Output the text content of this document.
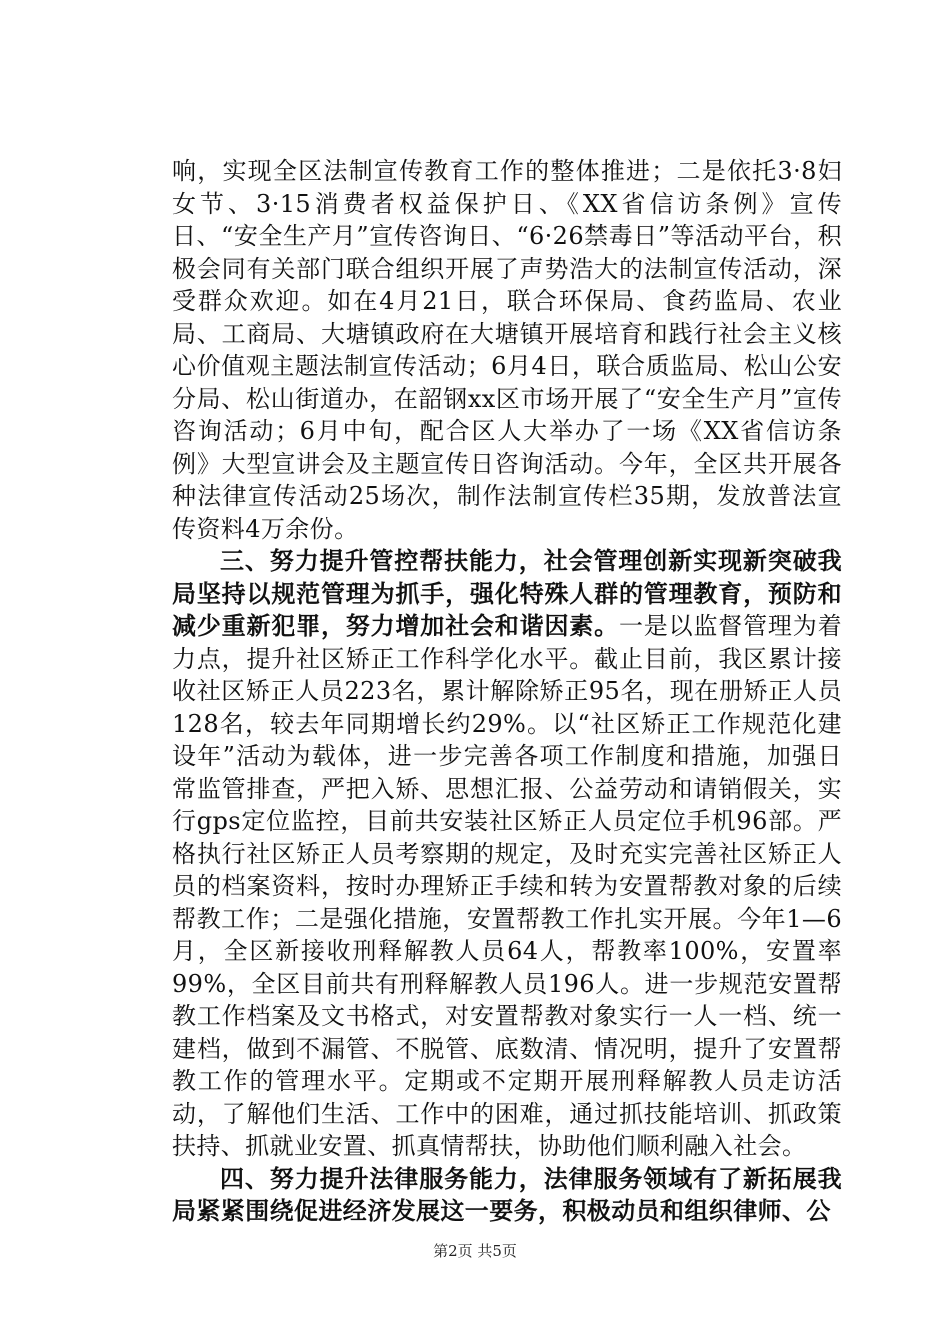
响，实现全区法制宣传教育工作的整体推进；二是依托3·8妇女节、3·15消费者权益保护日、《XX省信访条例》宣传日、“安全生产月”宣传咨询日、“6·26禁毒日”等活动平台，积极会同有关部门联合组织开展了声势浩大的法制宣传活动，深受群众欢迎。如在4月21日，联合环保局、食药监局、农业局、工商局、大塘镇政府在大塘镇开展培育和践行社会主义核心价值观主题法制宣传活动；6月4日，联合质监局、松山公安分局、松山街道办，在韶钢xx区市场开展了“安全生产月”宣传咨询活动；6月中旬，配合区人大举办了一场《XX省信访条例》大型宣讲会及主题宣传日咨询活动。今年，全区共开展各种法律宣传活动25场次，制作法制宣传栏35期，发放普法宣传资料4万余份。

三、努力提升管控帮扶能力，社会管理创新实现新突破我局坚持以规范管理为抓手，强化特殊人群的管理教育，预防和减少重新犯罪，努力增加社会和谐因素。一是以监督管理为着力点，提升社区矫正工作科学化水平。截止目前，我区累计接收社区矫正人员223名，累计解除矫正95名，现在册矫正人员128名，较去年同期增长约29%。以“社区矫正工作规范化建设年”活动为载体，进一步完善各项工作制度和措施，加强日常监管排查，严把入矫、思想汇报、公益劳动和请销假关，实行gps定位监控，目前共安装社区矫正人员定位手机96部。严格执行社区矫正人员考察期的规定，及时充实完善社区矫正人员的档案资料，按时办理矫正手续和转为安置帮教对象的后续帮教工作；二是强化措施，安置帮教工作扎实开展。今年1—6月，全区新接收刑释解教人员64人，帮教率100%，安置率99%，全区目前共有刑释解教人员196人。进一步规范安置帮教工作档案及文书格式，对安置帮教对象实行一人一档、统一建档，做到不漏管、不脱管、底数清、情况明，提升了安置帮教工作的管理水平。定期或不定期开展刑释解教人员走访活动，了解他们生活、工作中的困难，通过抓技能培训、抓政策扶持、抓就业安置、抓真情帮扶，协助他们顺利融入社会。

四、努力提升法律服务能力，法律服务领域有了新拓展我局紧紧围绕促进经济发展这一要务，积极动员和组织律师、公

第2页 共5页
